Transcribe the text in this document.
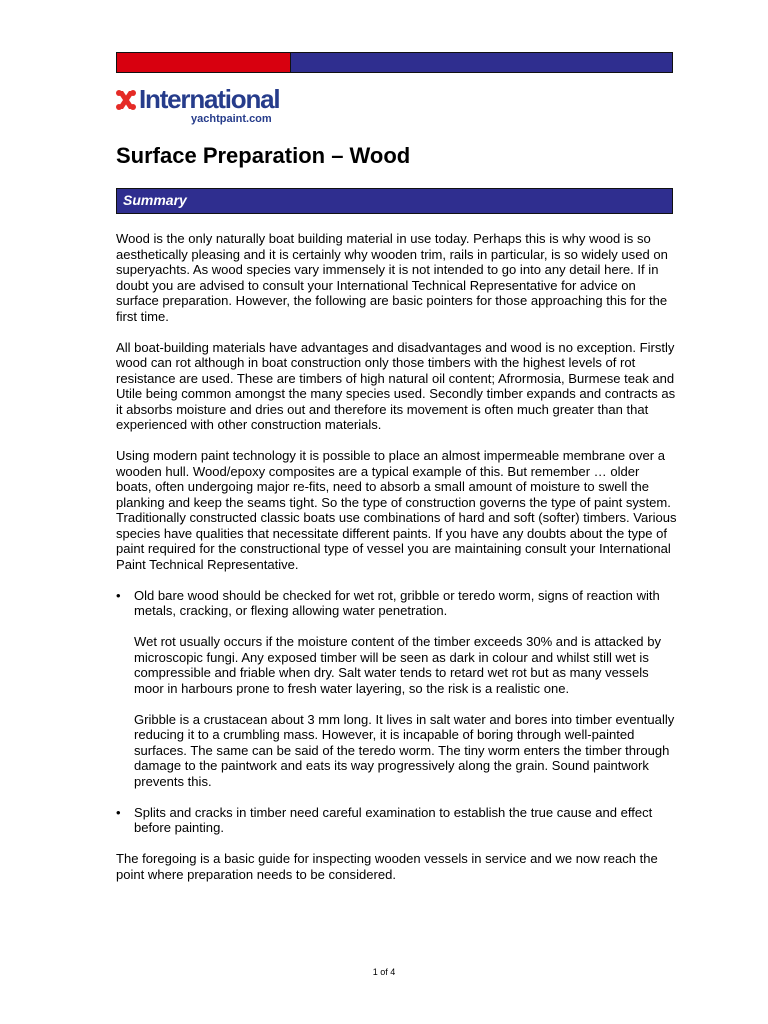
International
yachtpaint.com
Surface Preparation – Wood
Summary

Wood is the only naturally boat building material in use today. Perhaps this is why wood is so aesthetically pleasing and it is certainly why wooden trim, rails in particular, is so widely used on superyachts. As wood species vary immensely it is not intended to go into any detail here. If in doubt you are advised to consult your International Technical Representative for advice on surface preparation. However, the following are basic pointers for those approaching this for the first time.

All boat-building materials have advantages and disadvantages and wood is no exception. Firstly wood can rot although in boat construction only those timbers with the highest levels of rot resistance are used. These are timbers of high natural oil content; Afrormosia, Burmese teak and Utile being common amongst the many species used. Secondly timber expands and contracts as it absorbs moisture and dries out and therefore its movement is often much greater than that experienced with other construction materials.

Using modern paint technology it is possible to place an almost impermeable membrane over a wooden hull. Wood/epoxy composites are a typical example of this. But remember … older boats, often undergoing major re-fits, need to absorb a small amount of moisture to swell the planking and keep the seams tight. So the type of construction governs the type of paint system. Traditionally constructed classic boats use combinations of hard and soft (softer) timbers. Various species have qualities that necessitate different paints. If you have any doubts about the type of paint required for the constructional type of vessel you are maintaining consult your International Paint Technical Representative.

• Old bare wood should be checked for wet rot, gribble or teredo worm, signs of reaction with metals, cracking, or flexing allowing water penetration.

Wet rot usually occurs if the moisture content of the timber exceeds 30% and is attacked by microscopic fungi. Any exposed timber will be seen as dark in colour and whilst still wet is compressible and friable when dry. Salt water tends to retard wet rot but as many vessels moor in harbours prone to fresh water layering, so the risk is a realistic one.

Gribble is a crustacean about 3 mm long. It lives in salt water and bores into timber eventually reducing it to a crumbling mass. However, it is incapable of boring through well-painted surfaces. The same can be said of the teredo worm. The tiny worm enters the timber through damage to the paintwork and eats its way progressively along the grain. Sound paintwork prevents this.

• Splits and cracks in timber need careful examination to establish the true cause and effect before painting.

The foregoing is a basic guide for inspecting wooden vessels in service and we now reach the point where preparation needs to be considered.

1 of 4
